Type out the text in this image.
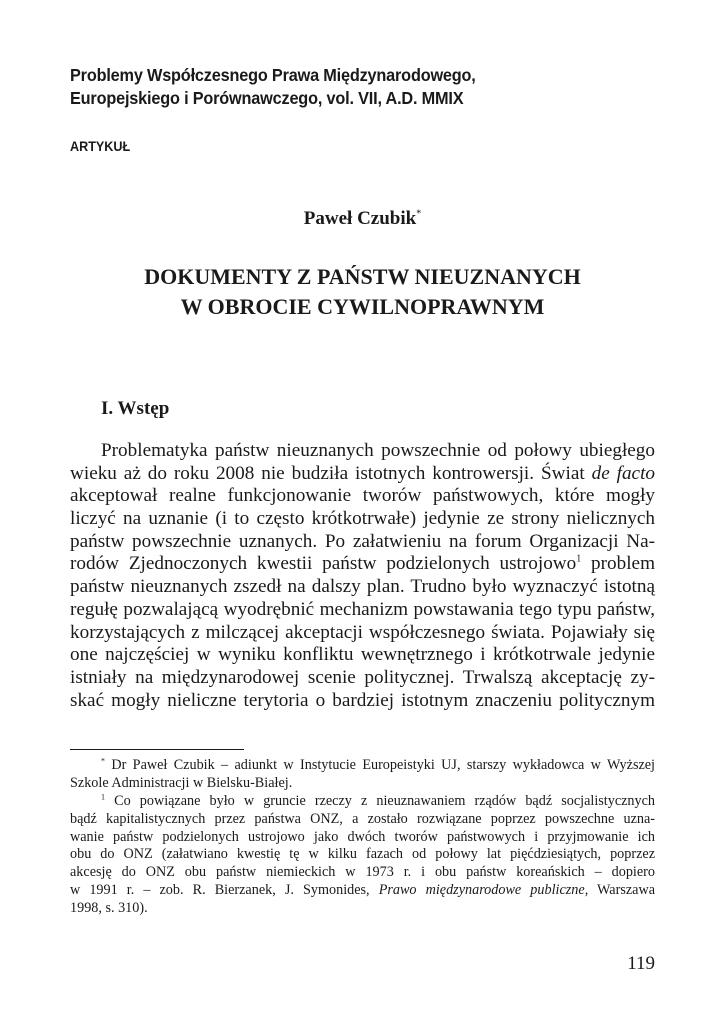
Problemy Współczesnego Prawa Międzynarodowego,
Europejskiego i Porównawczego, vol. VII, A.D. MMIX

ARTYKUŁ

Paweł Czubik*

DOKUMENTY Z PAŃSTW NIEUZNANYCH
W OBROCIE CYWILNOPRAWNYM
I. Wstęp
Problematyka państw nieuznanych powszechnie od połowy ubiegłego
wieku aż do roku 2008 nie budziła istotnych kontrowersji. Świat de facto
akceptował realne funkcjonowanie tworów państwowych, które mogły
liczyć na uznanie (i to często krótkotrwałe) jedynie ze strony nielicznych
państw powszechnie uznanych. Po załatwieniu na forum Organizacji Na-
rodów Zjednoczonych kwestii państw podzielonych ustrojowo$^1$ problem
państw nieuznanych zszedł na dalszy plan. Trudno było wyznaczyć istotną
regułę pozwalającą wyodrębnić mechanizm powstawania tego typu państw,
korzystających z milczącej akceptacji współczesnego świata. Pojawiały się
one najczęściej w wyniku konfliktu wewnętrznego i krótkotrwale jedynie
istniały na międzynarodowej scenie politycznej. Trwalszą akceptację zy-
skać mogły nieliczne terytoria o bardziej istotnym znaczeniu politycznym
* Dr Paweł Czubik – adiunkt w Instytucie Europeistyki UJ, starszy wykładowca w Wyższej
Szkole Administracji w Bielsku-Białej.
$^1$ Co powiązane było w gruncie rzeczy z nieuznawaniem rządów bądź socjalistycznych
bądź kapitalistycznych przez państwa ONZ, a zostało rozwiązane poprzez powszechne uzna-
wanie państw podzielonych ustrojowo jako dwóch tworów państwowych i przyjmowanie ich
obu do ONZ (załatwiano kwestię tę w kilku fazach od połowy lat pięćdziesiątych, poprzez
akcesję do ONZ obu państw niemieckich w 1973 r. i obu państw koreańskich – dopiero
w 1991 r. – zob. R. Bierzanek, J. Symonides, Prawo międzynarodowe publiczne, Warszawa
1998, s. 310).

119
